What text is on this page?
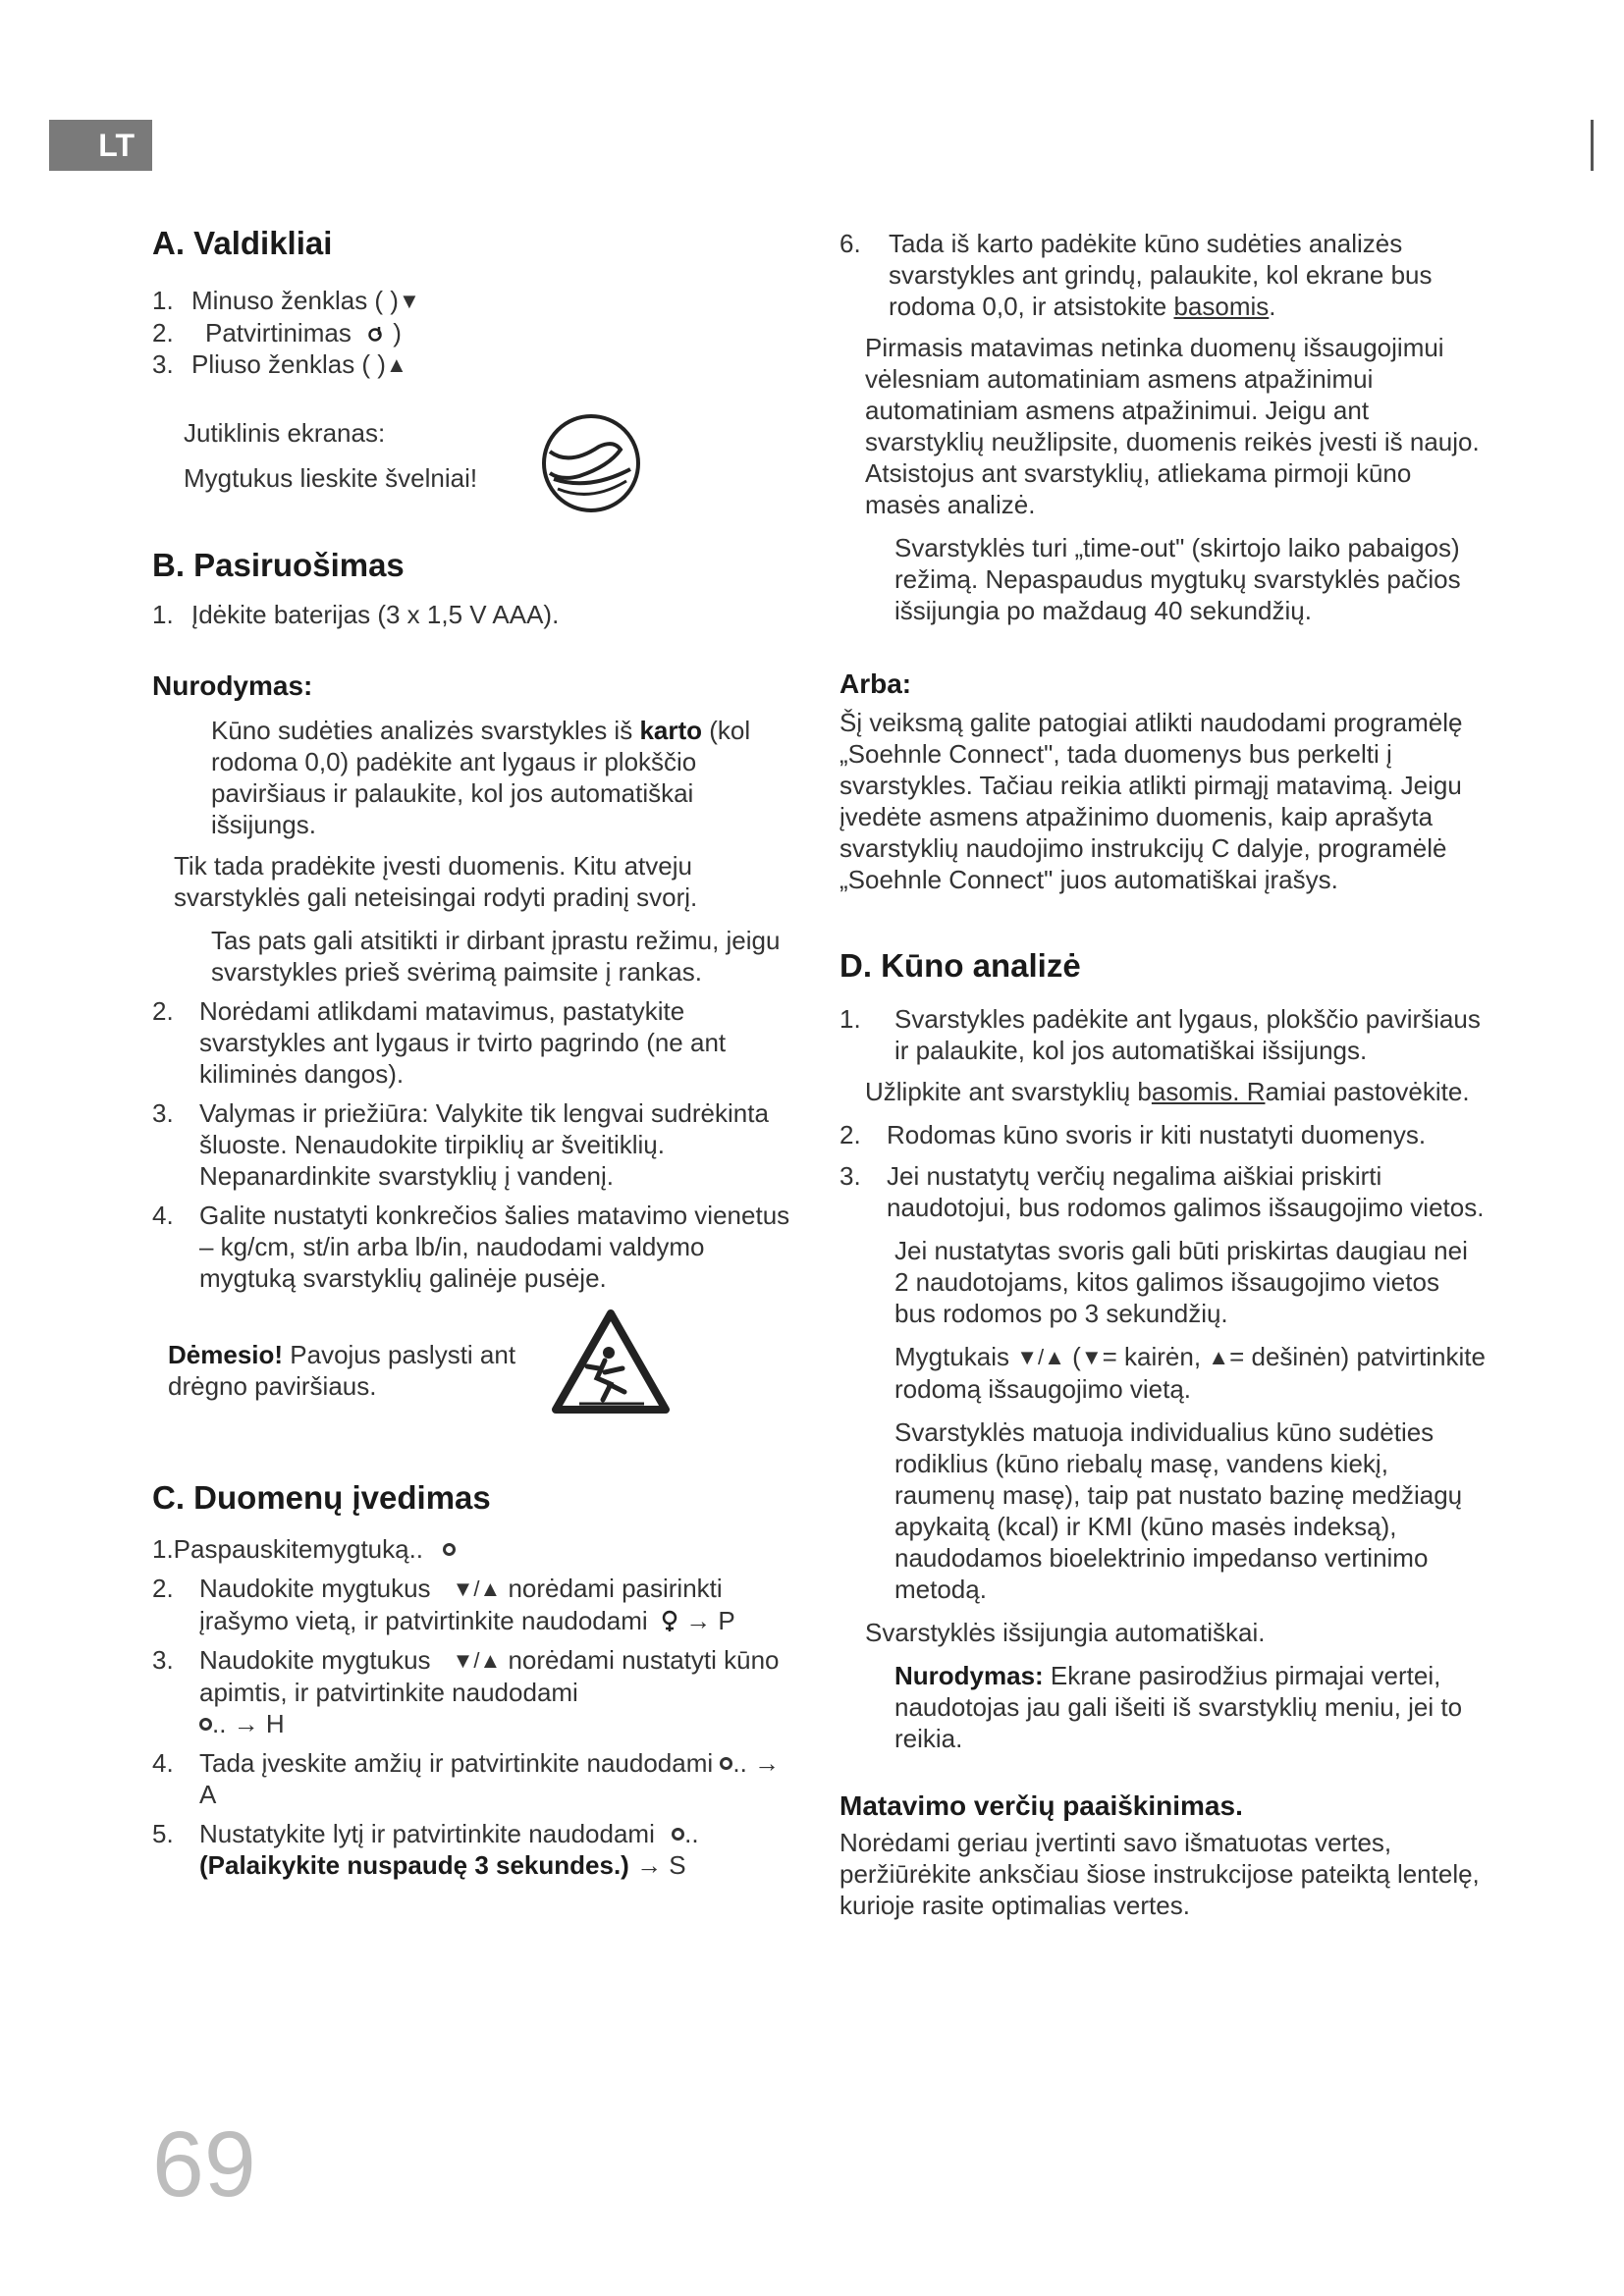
LT
A. Valdikliai

1. Minuso ženklas ( )▼

2. Patvirtinimas  )

3. Pliuso ženklas ( )▲

Jutiklinis ekranas:

Mygtukus lieskite švelniai!

B. Pasiruošimas

1. Įdėkite baterijas (3 x 1,5 V AAA).

Nurodymas:

Kūno sudėties analizės svarstykles iš karto (kol rodoma 0,0) padėkite ant lygaus ir plokščio paviršiaus ir palaukite, kol jos automatiškai išsijungs.

Tik tada pradėkite įvesti duomenis. Kitu atveju svarstyklės gali neteisingai rodyti pradinį svorį.

Tas pats gali atsitikti ir dirbant įprastu režimu, jeigu svarstykles prieš svėrimą paimsite į rankas.

2. Norėdami atlikdami matavimus, pastatykite svarstykles ant lygaus ir tvirto pagrindo (ne ant kiliminės dangos).

3. Valymas ir priežiūra: Valykite tik lengvai sudrėkinta šluoste. Nenaudokite tirpiklių ar šveitiklių. Nepanardinkite svarstyklių į vandenį.

4. Galite nustatyti konkrečios šalies matavimo vienetus – kg/cm, st/in arba lb/in, naudodami valdymo mygtuką svarstyklių galinėje pusėje.

Dėmesio! Pavojus paslysti ant drėgno paviršiaus.

C. Duomenų įvedimas

1.Paspauskitemygtuką..

2. Naudokite mygtukus ▼/▲ norėdami pasirinkti įrašymo vietą, ir patvirtinkite naudodami  → P

3. Naudokite mygtukus ▼/▲ norėdami nustatyti kūno apimtis, ir patvirtinkite naudodami
.. → H

4. Tada įveskite amžių ir patvirtinkite naudodami .. → A

5. Nustatykite lytį ir patvirtinkite naudodami ..
(Palaikykite nuspaudę 3 sekundes.) → S

69

6. Tada iš karto padėkite kūno sudėties analizės svarstykles ant grindų, palaukite, kol ekrane bus rodoma 0,0, ir atsistokite basomis.

Pirmasis matavimas netinka duomenų išsaugojimui vėlesniam automatiniam asmens atpažinimui automatiniam asmens atpažinimui. Jeigu ant svarstyklių neužlipsite, duomenis reikės įvesti iš naujo. Atsistojus ant svarstyklių, atliekama pirmoji kūno masės analizė.

Svarstyklės turi „time-out" (skirtojo laiko pabaigos) režimą. Nepaspaudus mygtukų svarstyklės pačios išsijungia po maždaug 40 sekundžių.

Arba:

Šį veiksmą galite patogiai atlikti naudodami programėlę „Soehnle Connect", tada duomenys bus perkelti į svarstykles. Tačiau reikia atlikti pirmąjį matavimą. Jeigu įvedėte asmens atpažinimo duomenis, kaip aprašyta svarstyklių naudojimo instrukcijų C dalyje, programėlė „Soehnle Connect" juos automatiškai įrašys.

D. Kūno analizė

1. Svarstykles padėkite ant lygaus, plokščio paviršiaus ir palaukite, kol jos automatiškai išsijungs.

Užlipkite ant svarstyklių basomis. Ramiai pastovėkite.

2. Rodomas kūno svoris ir kiti nustatyti duomenys.

3. Jei nustatytų verčių negalima aiškiai priskirti naudotojui, bus rodomos galimos išsaugojimo vietos.

Jei nustatytas svoris gali būti priskirtas daugiau nei 2 naudotojams, kitos galimos išsaugojimo vietos bus rodomos po 3 sekundžių.

Mygtukais ▼/▲ (▼= kairėn, ▲= dešinėn) patvirtinkite rodomą išsaugojimo vietą.

Svarstyklės matuoja individualius kūno sudėties rodiklius (kūno riebalų masę, vandens kiekį, raumenų masę), taip pat nustato bazinę medžiagų apykaitą (kcal) ir KMI (kūno masės indeksą), naudodamos bioelektrinio impedanso vertinimo metodą.

Svarstyklės išsijungia automatiškai.

Nurodymas: Ekrane pasirodžius pirmajai vertei, naudotojas jau gali išeiti iš svarstyklių meniu, jei to reikia.

Matavimo verčių paaiškinimas.

Norėdami geriau įvertinti savo išmatuotas vertes, peržiūrėkite anksčiau šiose instrukcijose pateiktą lentelę, kurioje rasite optimalias vertes.
